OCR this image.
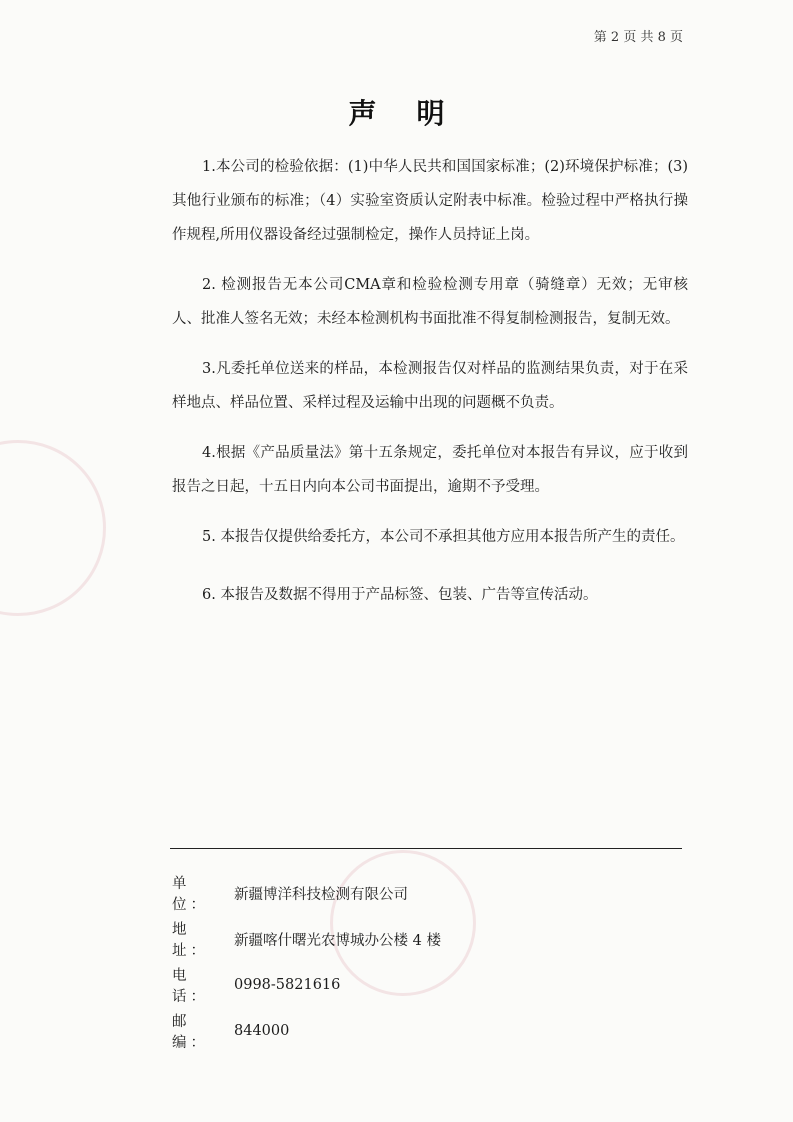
第 2 页 共 8 页
声明

1.本公司的检验依据：(1)中华人民共和国国家标准；(2)环境保护标准；(3)其他行业颁布的标准；（4）实验室资质认定附表中标准。检验过程中严格执行操作规程,所用仪器设备经过强制检定，操作人员持证上岗。

2. 检测报告无本公司CMA章和检验检测专用章（骑缝章）无效；无审核人、批准人签名无效；未经本检测机构书面批准不得复制检测报告，复制无效。

3.凡委托单位送来的样品，本检测报告仅对样品的监测结果负责，对于在采样地点、样品位置、采样过程及运输中出现的问题概不负责。

4.根据《产品质量法》第十五条规定，委托单位对本报告有异议，应于收到报告之日起，十五日内向本公司书面提出，逾期不予受理。

5. 本报告仅提供给委托方，本公司不承担其他方应用本报告所产生的责任。

6. 本报告及数据不得用于产品标签、包装、广告等宣传活动。

单 位：
新疆博洋科技检测有限公司
地 址：
新疆喀什曙光农博城办公楼 4 楼
电 话：
0998-5821616
邮 编：
844000
